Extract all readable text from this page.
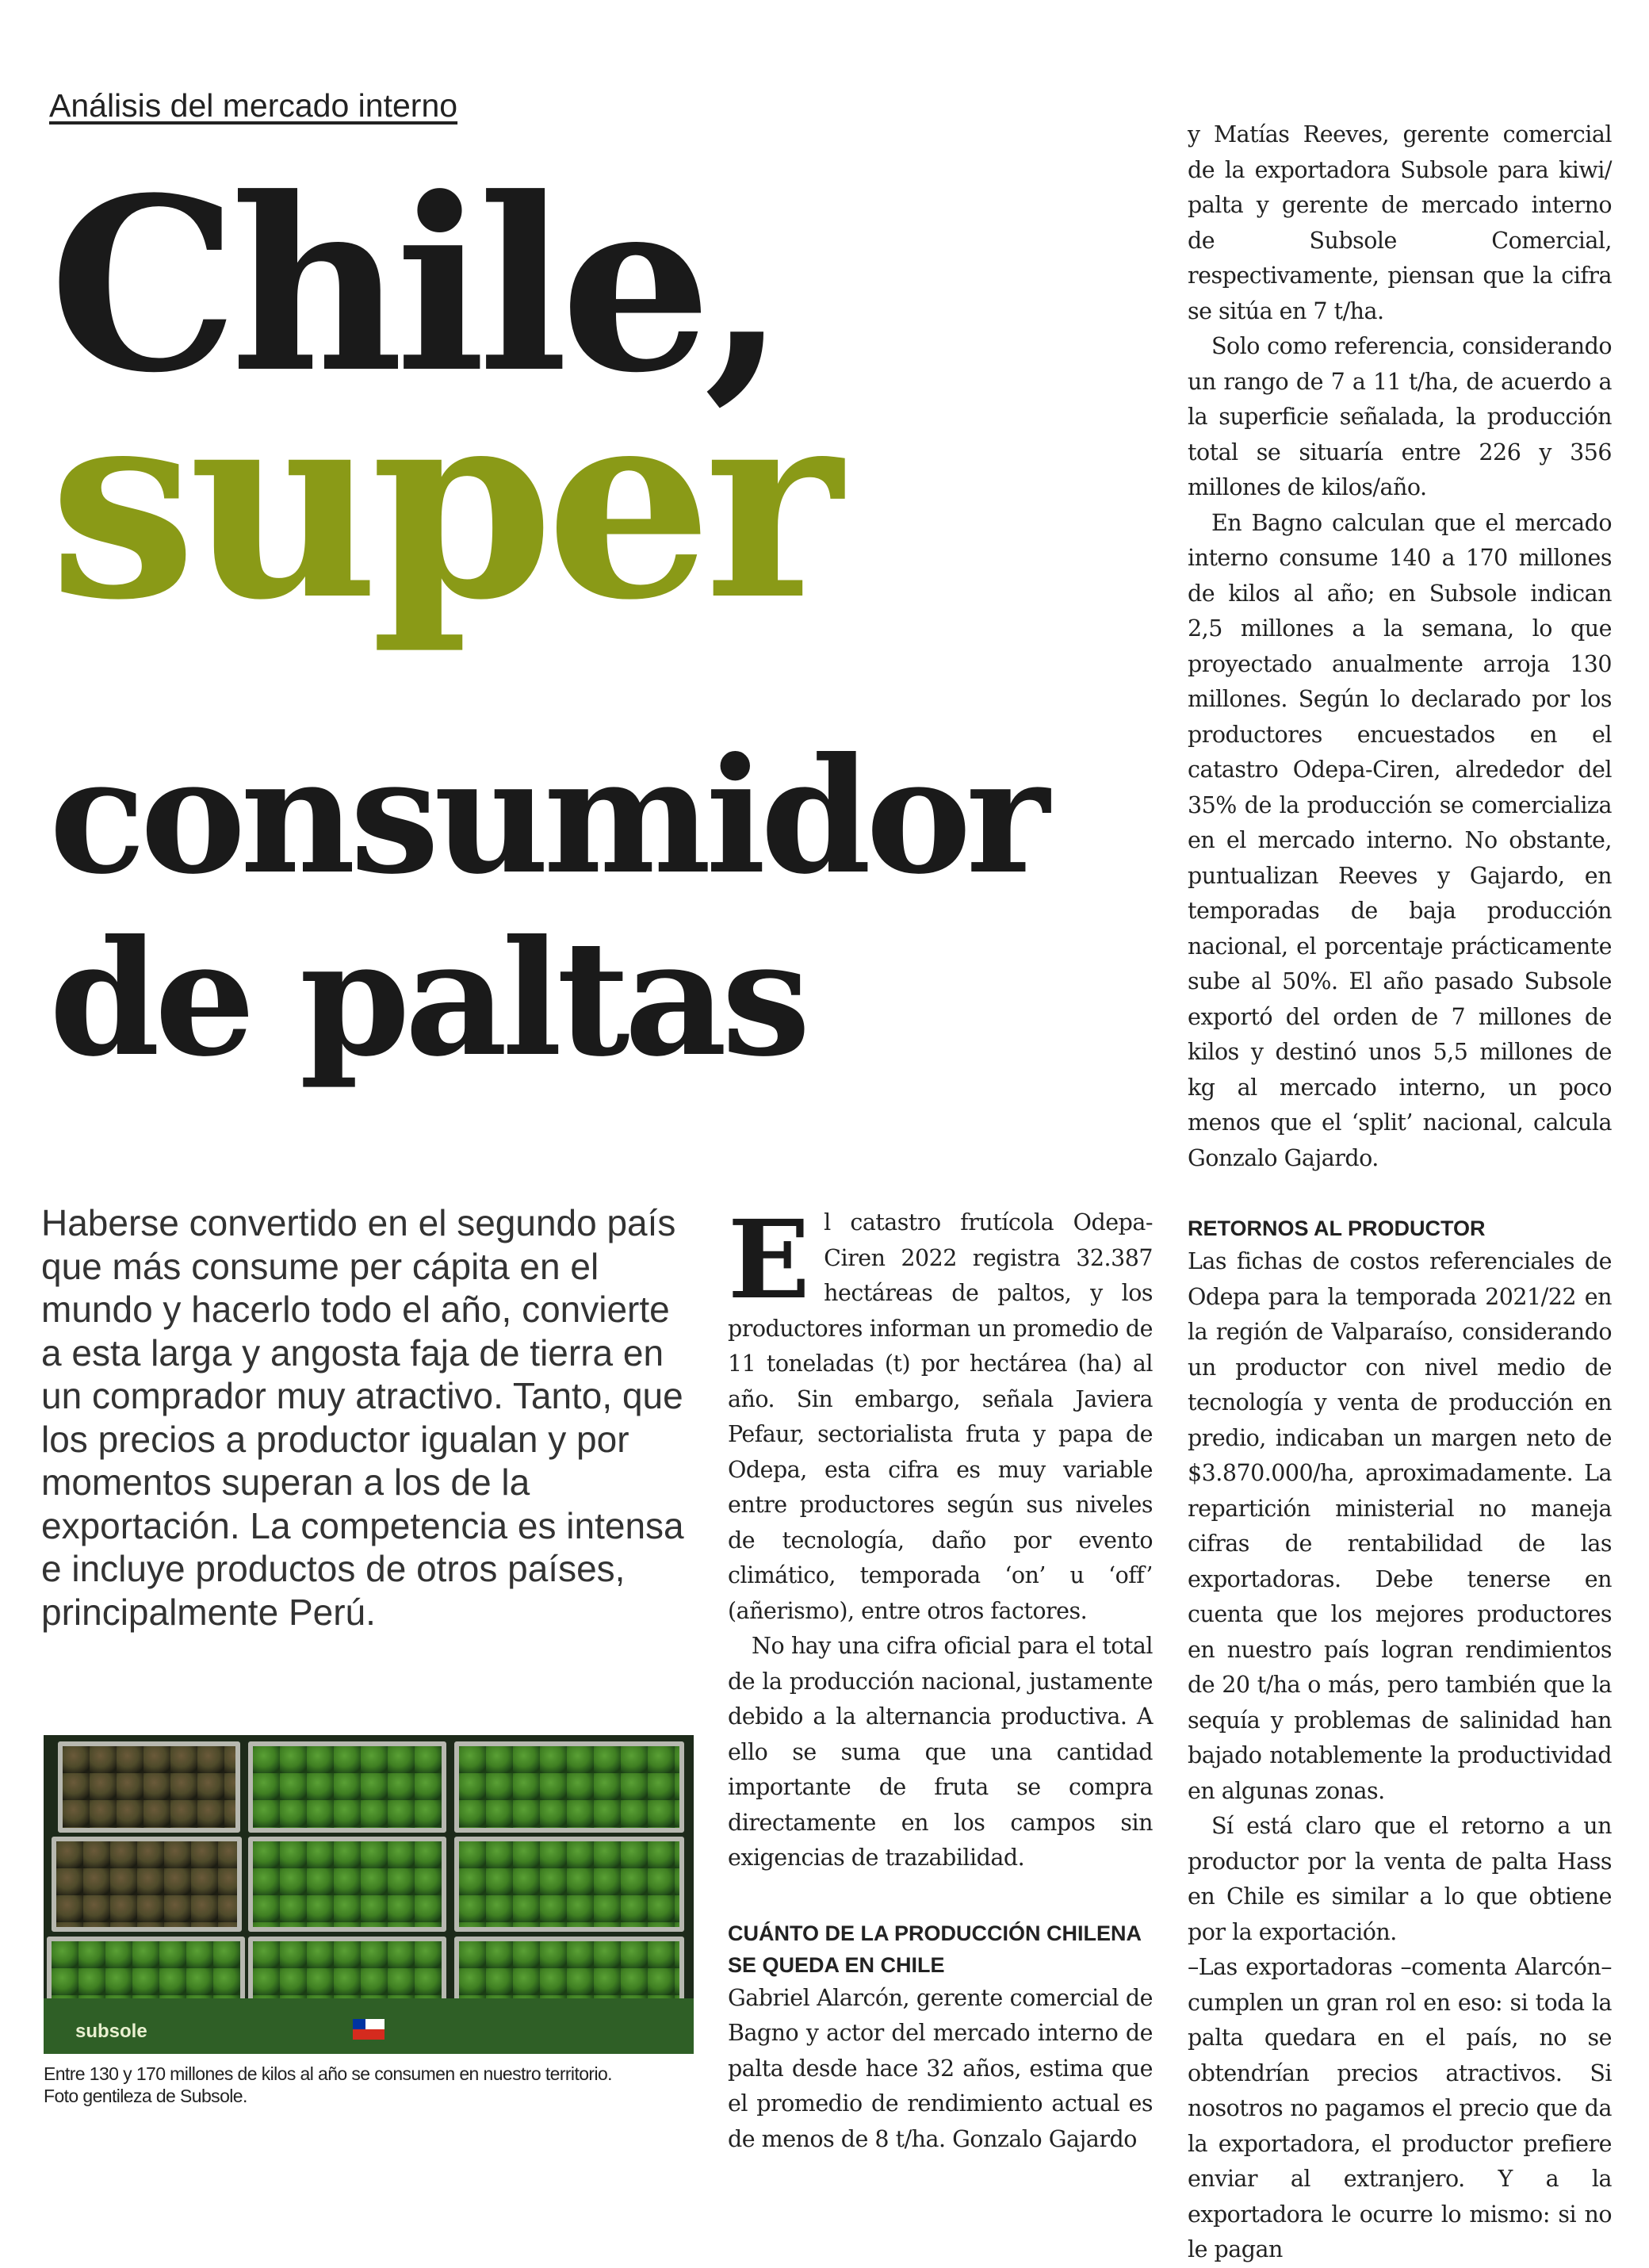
Análisis del mercado interno
Chile,
super
consumidor
de paltas
Haberse convertido en el segundo país que más consume per cápita en el mundo y hacerlo todo el año, convierte a esta larga y angosta faja de tierra en un comprador muy atractivo. Tanto, que los precios a productor igualan y por momentos superan a los de la exportación. La competencia es intensa e incluye productos de otros países, principalmente Perú.
subsole
Entre 130 y 170 millones de kilos al año se consumen en nuestro territorio.
Foto gentileza de Subsole.

El catastro frutícola Odepa-Ciren 2022 registra 32.387 hectáreas de paltos, y los productores informan un promedio de 11 toneladas (t) por hectárea (ha) al año. Sin embargo, señala Javiera Pefaur, sectorialista fruta y papa de Odepa, esta cifra es muy variable entre productores según sus niveles de tecnología, daño por evento climático, temporada ‘on’ u ‘off’ (añerismo), entre otros factores.

No hay una cifra oficial para el total de la producción nacional, justamente debido a la alternancia productiva. A ello se suma que una cantidad importante de fruta se compra directamente en los campos sin exigencias de trazabilidad.

CUÁNTO DE LA PRODUCCIÓN CHILENA SE QUEDA EN CHILE

Gabriel Alarcón, gerente comercial de Bagno y actor del mercado interno de palta desde hace 32 años, estima que el promedio de rendimiento actual es de menos de 8 t/ha. Gonzalo Gajardo

y Matías Reeves, gerente comercial de la exportadora Subsole para kiwi/ palta y gerente de mercado interno de Subsole Comercial, respectivamente, piensan que la cifra se sitúa en 7 t/ha.

Solo como referencia, considerando un rango de 7 a 11 t/ha, de acuerdo a la superficie señalada, la producción total se situaría entre 226 y 356 millones de kilos/año.

En Bagno calculan que el mercado interno consume 140 a 170 millones de kilos al año; en Subsole indican 2,5 millones a la semana, lo que proyectado anualmente arroja 130 millones. Según lo declarado por los productores encuestados en el catastro Odepa-Ciren, alrededor del 35% de la producción se comercializa en el mercado interno. No obstante, puntualizan Reeves y Gajardo, en temporadas de baja producción nacional, el porcentaje prácticamente sube al 50%. El año pasado Subsole exportó del orden de 7 millones de kilos y destinó unos 5,5 millones de kg al mercado interno, un poco menos que el ‘split’ nacional, calcula Gonzalo Gajardo.

RETORNOS AL PRODUCTOR

Las fichas de costos referenciales de Odepa para la temporada 2021/22 en la región de Valparaíso, considerando un productor con nivel medio de tecnología y venta de producción en predio, indicaban un margen neto de $3.870.000/ha, aproximadamente. La repartición ministerial no maneja cifras de rentabilidad de las exportadoras. Debe tenerse en cuenta que los mejores productores en nuestro país logran rendimientos de 20 t/ha o más, pero también que la sequía y problemas de salinidad han bajado notablemente la productividad en algunas zonas.

Sí está claro que el retorno a un productor por la venta de palta Hass en Chile es similar a lo que obtiene por la exportación.

–Las exportadoras –comenta Alarcón– cumplen un gran rol en eso: si toda la palta quedara en el país, no se obtendrían precios atractivos. Si nosotros no pagamos el precio que da la exportadora, el productor prefiere enviar al extranjero. Y a la exportadora le ocurre lo mismo: si no le pagan
